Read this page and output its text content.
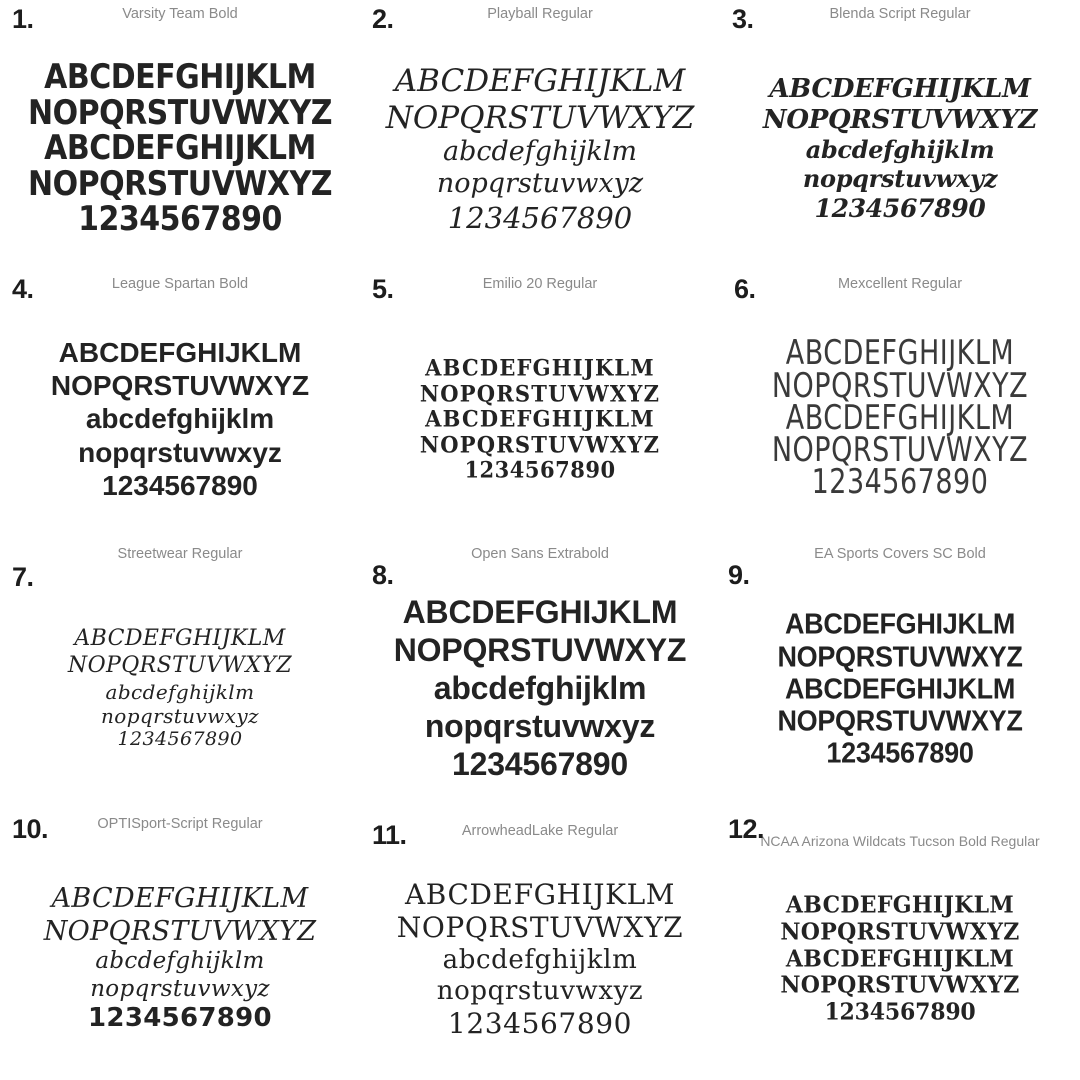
1.	Varsity Team Bold
ABCDEFGHIJKLM
NOPQRSTUVWXYZ
ABCDEFGHIJKLM
NOPQRSTUVWXYZ
1234567890
2.	Playball Regular
ABCDEFGHIJKLM
NOPQRSTUVWXYZ
abcdefghijklm
nopqrstuvwxyz
1234567890
3.	Blenda Script Regular
ABCDEFGHIJKLM
NOPQRSTUVWXYZ
abcdefghijklm
nopqrstuvwxyz
1234567890
4.	League Spartan Bold
ABCDEFGHIJKLM
NOPQRSTUVWXYZ
abcdefghijklm
nopqrstuvwxyz
1234567890
5.	Emilio 20 Regular
ABCDEFGHIJKLM
NOPQRSTUVWXYZ
ABCDEFGHIJKLM
NOPQRSTUVWXYZ
1234567890
6.	Mexcellent Regular
ABCDEFGHIJKLM
NOPQRSTUVWXYZ
ABCDEFGHIJKLM
NOPQRSTUVWXYZ
1234567890
7.
Streetwear Regular
ABCDEFGHIJKLM
NOPQRSTUVWXYZ
abcdefghijklm
nopqrstuvwxyz
1234567890
8.
Open Sans Extrabold
ABCDEFGHIJKLM
NOPQRSTUVWXYZ
abcdefghijklm
nopqrstuvwxyz
1234567890
9.
EA Sports Covers SC Bold
ABCDEFGHIJKLM
NOPQRSTUVWXYZ
ABCDEFGHIJKLM
NOPQRSTUVWXYZ
1234567890
10.	OPTISport-Script Regular
ABCDEFGHIJKLM
NOPQRSTUVWXYZ
abcdefghijklm
nopqrstuvwxyz
1234567890
11.	ArrowheadLake Regular
ABCDEFGHIJKLM
NOPQRSTUVWXYZ
abcdefghijklm
nopqrstuvwxyz
1234567890
12.
NCAA Arizona Wildcats Tucson Bold Regular
ABCDEFGHIJKLM
NOPQRSTUVWXYZ
ABCDEFGHIJKLM
NOPQRSTUVWXYZ
1234567890
